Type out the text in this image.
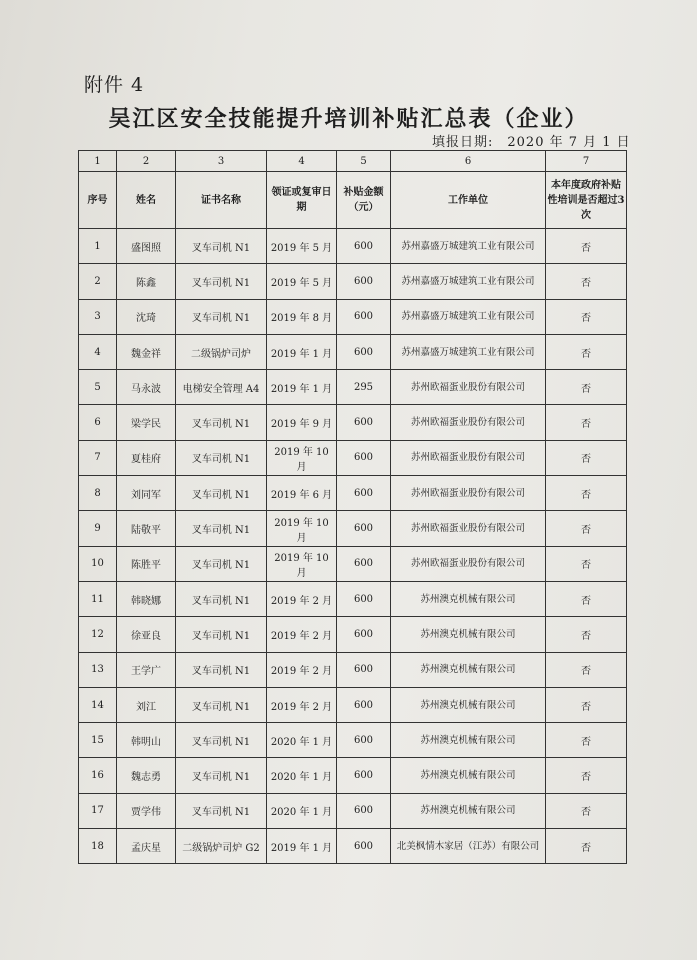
附件 4
吴江区安全技能提升培训补贴汇总表（企业）
填报日期: 2020 年 7 月 1 日
1	2	3	4	5	6	7
序号	姓名	证书名称	领证或复审日期	补贴金额（元）	工作单位	本年度政府补贴性培训是否超过3次
1	盛图照	叉车司机 N1	2019 年 5 月	600	苏州嘉盛万城建筑工业有限公司	否
2	陈鑫	叉车司机 N1	2019 年 5 月	600	苏州嘉盛万城建筑工业有限公司	否
3	沈琦	叉车司机 N1	2019 年 8 月	600	苏州嘉盛万城建筑工业有限公司	否
4	魏金祥	二级锅炉司炉	2019 年 1 月	600	苏州嘉盛万城建筑工业有限公司	否
5	马永波	电梯安全管理 A4	2019 年 1 月	295	苏州欧福蛋业股份有限公司	否
6	梁学民	叉车司机 N1	2019 年 9 月	600	苏州欧福蛋业股份有限公司	否
7	夏桂府	叉车司机 N1	2019 年 10 月	600	苏州欧福蛋业股份有限公司	否
8	刘同军	叉车司机 N1	2019 年 6 月	600	苏州欧福蛋业股份有限公司	否
9	陆敬平	叉车司机 N1	2019 年 10 月	600	苏州欧福蛋业股份有限公司	否
10	陈胜平	叉车司机 N1	2019 年 10 月	600	苏州欧福蛋业股份有限公司	否
11	韩晓娜	叉车司机 N1	2019 年 2 月	600	苏州澳克机械有限公司	否
12	徐亚良	叉车司机 N1	2019 年 2 月	600	苏州澳克机械有限公司	否
13	王学广	叉车司机 N1	2019 年 2 月	600	苏州澳克机械有限公司	否
14	刘江	叉车司机 N1	2019 年 2 月	600	苏州澳克机械有限公司	否
15	韩明山	叉车司机 N1	2020 年 1 月	600	苏州澳克机械有限公司	否
16	魏志勇	叉车司机 N1	2020 年 1 月	600	苏州澳克机械有限公司	否
17	贾学伟	叉车司机 N1	2020 年 1 月	600	苏州澳克机械有限公司	否
18	孟庆星	二级锅炉司炉 G2	2019 年 1 月	600	北美枫情木家居（江苏）有限公司	否
